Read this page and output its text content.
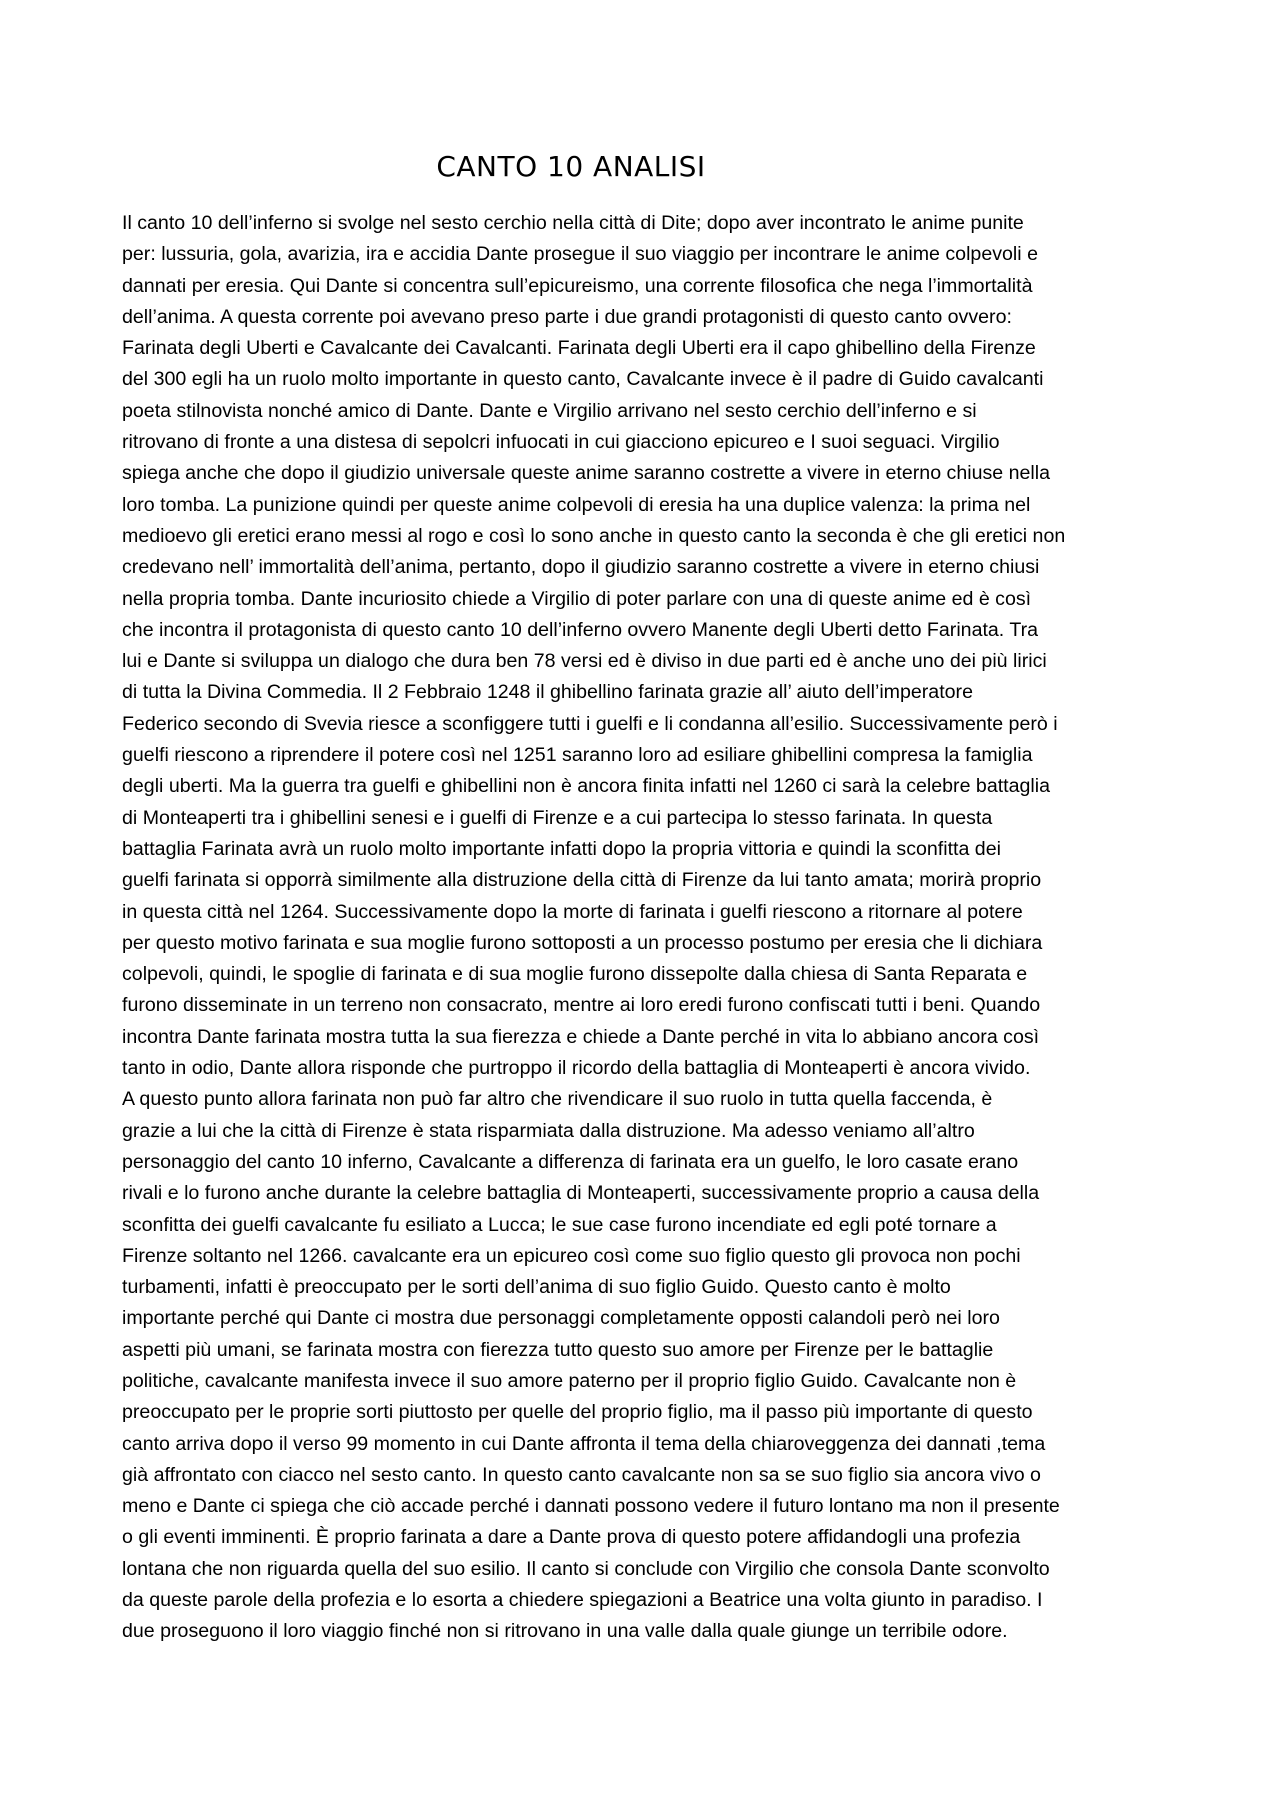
CANTO 10 ANALISI
Il canto 10 dell’inferno si svolge nel sesto cerchio nella città di Dite; dopo aver incontrato le anime punite
per: lussuria, gola, avarizia, ira e accidia Dante prosegue il suo viaggio per incontrare le anime colpevoli e
dannati per eresia. Qui Dante si concentra sull’epicureismo, una corrente filosofica che nega l’immortalità
dell’anima. A questa corrente poi avevano preso parte i due grandi protagonisti di questo canto ovvero:
Farinata degli Uberti e Cavalcante dei Cavalcanti. Farinata degli Uberti era il capo ghibellino della Firenze
del 300 egli ha un ruolo molto importante in questo canto, Cavalcante invece è il padre di Guido cavalcanti
poeta stilnovista nonché amico di Dante. Dante e Virgilio arrivano nel sesto cerchio dell’inferno e si
ritrovano di fronte a una distesa di sepolcri infuocati in cui giacciono epicureo e I suoi seguaci. Virgilio
spiega anche che dopo il giudizio universale queste anime saranno costrette a vivere in eterno chiuse nella
loro tomba. La punizione quindi per queste anime colpevoli di eresia ha una duplice valenza: la prima nel
medioevo gli eretici erano messi al rogo e così lo sono anche in questo canto la seconda è che gli eretici non
credevano nell’ immortalità dell’anima, pertanto, dopo il giudizio saranno costrette a vivere in eterno chiusi
nella propria tomba. Dante incuriosito chiede a Virgilio di poter parlare con una di queste anime ed è così
che incontra il protagonista di questo canto 10 dell’inferno ovvero Manente degli Uberti detto Farinata. Tra
lui e Dante si sviluppa un dialogo che dura ben 78 versi ed è diviso in due parti ed è anche uno dei più lirici
di tutta la Divina Commedia. Il 2 Febbraio 1248 il ghibellino farinata grazie all’ aiuto dell’imperatore
Federico secondo di Svevia riesce a sconfiggere tutti i guelfi e li condanna all’esilio. Successivamente però i
guelfi riescono a riprendere il potere così nel 1251 saranno loro ad esiliare ghibellini compresa la famiglia
degli uberti. Ma la guerra tra guelfi e ghibellini non è ancora finita infatti nel 1260 ci sarà la celebre battaglia
di Monteaperti tra i ghibellini senesi e i guelfi di Firenze e a cui partecipa lo stesso farinata. In questa
battaglia Farinata avrà un ruolo molto importante infatti dopo la propria vittoria e quindi la sconfitta dei
guelfi farinata si opporrà similmente alla distruzione della città di Firenze da lui tanto amata; morirà proprio
in questa città nel 1264. Successivamente dopo la morte di farinata i guelfi riescono a ritornare al potere
per questo motivo farinata e sua moglie furono sottoposti a un processo postumo per eresia che li dichiara
colpevoli, quindi, le spoglie di farinata e di sua moglie furono dissepolte dalla chiesa di Santa Reparata e
furono disseminate in un terreno non consacrato, mentre ai loro eredi furono confiscati tutti i beni. Quando
incontra Dante farinata mostra tutta la sua fierezza e chiede a Dante perché in vita lo abbiano ancora così
tanto in odio, Dante allora risponde che purtroppo il ricordo della battaglia di Monteaperti è ancora vivido.
A questo punto allora farinata non può far altro che rivendicare il suo ruolo in tutta quella faccenda, è
grazie a lui che la città di Firenze è stata risparmiata dalla distruzione. Ma adesso veniamo all’altro
personaggio del canto 10 inferno, Cavalcante a differenza di farinata era un guelfo, le loro casate erano
rivali e lo furono anche durante la celebre battaglia di Monteaperti, successivamente proprio a causa della
sconfitta dei guelfi cavalcante fu esiliato a Lucca; le sue case furono incendiate ed egli poté tornare a
Firenze soltanto nel 1266. cavalcante era un epicureo così come suo figlio questo gli provoca non pochi
turbamenti, infatti è preoccupato per le sorti dell’anima di suo figlio Guido. Questo canto è molto
importante perché qui Dante ci mostra due personaggi completamente opposti calandoli però nei loro
aspetti più umani, se farinata mostra con fierezza tutto questo suo amore per Firenze per le battaglie
politiche, cavalcante manifesta invece il suo amore paterno per il proprio figlio Guido. Cavalcante non è
preoccupato per le proprie sorti piuttosto per quelle del proprio figlio, ma il passo più importante di questo
canto arriva dopo il verso 99 momento in cui Dante affronta il tema della chiaroveggenza dei dannati ,tema
già affrontato con ciacco nel sesto canto. In questo canto cavalcante non sa se suo figlio sia ancora vivo o
meno e Dante ci spiega che ciò accade perché i dannati possono vedere il futuro lontano ma non il presente
o gli eventi imminenti. È proprio farinata a dare a Dante prova di questo potere affidandogli una profezia
lontana che non riguarda quella del suo esilio. Il canto si conclude con Virgilio che consola Dante sconvolto
da queste parole della profezia e lo esorta a chiedere spiegazioni a Beatrice una volta giunto in paradiso. I
due proseguono il loro viaggio finché non si ritrovano in una valle dalla quale giunge un terribile odore.
